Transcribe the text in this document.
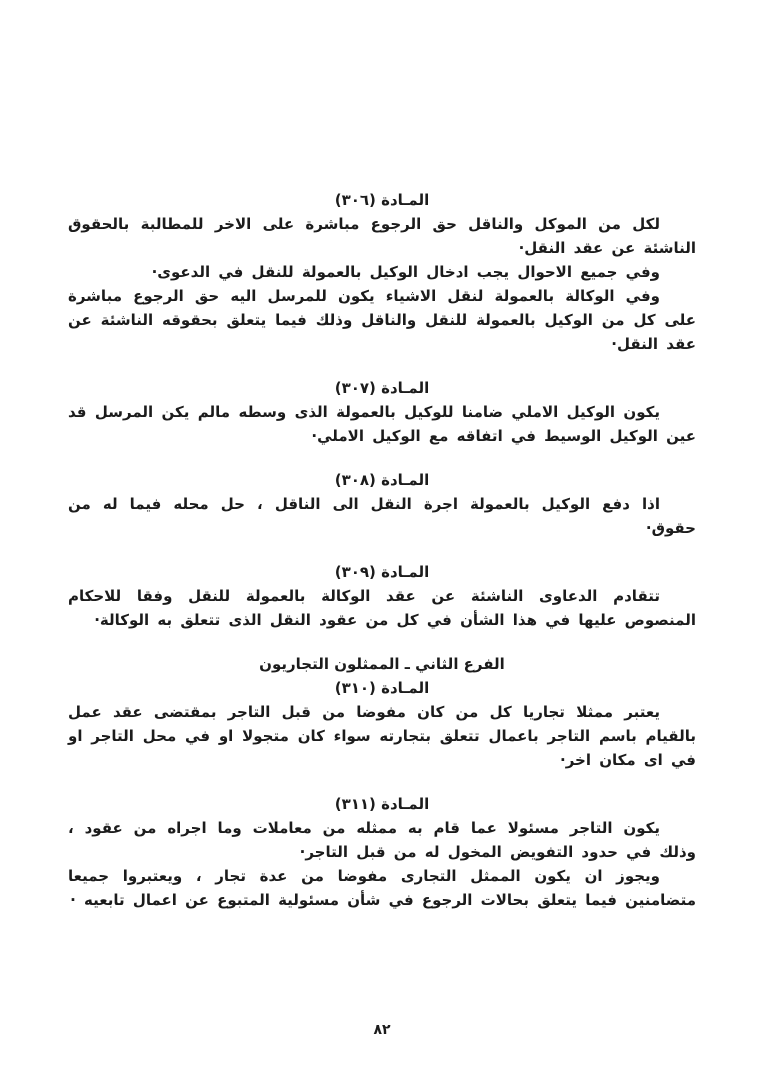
المـادة (٣٠٦)

لكل من الموكل والناقل حق الرجوع مباشرة على الاخر للمطالبة بالحقوق الناشئة عن عقد النقل·

وفي جميع الاحوال يجب ادخال الوكيل بالعمولة للنقل في الدعوى·

وفي الوكالة بالعمولة لنقل الاشياء يكون للمرسل اليه حق الرجوع مباشرة على كل من الوكيل بالعمولة للنقل والناقل وذلك فيما يتعلق بحقوقه الناشئة عن عقد النقل·

المـادة (٣٠٧)

يكون الوكيل الاملي ضامنا للوكيل بالعمولة الذى وسطه مالم يكن المرسل قد عين الوكيل الوسيط في اتفاقه مع الوكيل الاملي·

المـادة (٣٠٨)

اذا دفع الوكيل بالعمولة اجرة النقل الى الناقل ، حل محله فيما له من حقوق·

المـادة (٣٠٩)

تتقادم الدعاوى الناشئة عن عقد الوكالة بالعمولة للنقل وفقا للاحكام المنصوص عليها في هذا الشأن في كل من عقود النقل الذى تتعلق به الوكالة·

الفرع الثاني ـ الممثلون التجاريون
المـادة (٣١٠)

يعتبر ممثلا تجاريا كل من كان مفوضا من قبل التاجر بمقتضى عقد عمل بالقيام باسم التاجر باعمال تتعلق بتجارته سواء كان متجولا او في محل التاجر او في اى مكان اخر·

المـادة (٣١١)

يكون التاجر مسئولا عما قام به ممثله من معاملات وما اجراه من عقود ، وذلك في حدود التفويض المخول له من قبل التاجر·

ويجوز ان يكون الممثل التجارى مفوضا من عدة تجار ، ويعتبروا جميعا متضامنين فيما يتعلق بحالات الرجوع في شأن مسئولية المتبوع عن اعمال تابعيه ·

٨٢
